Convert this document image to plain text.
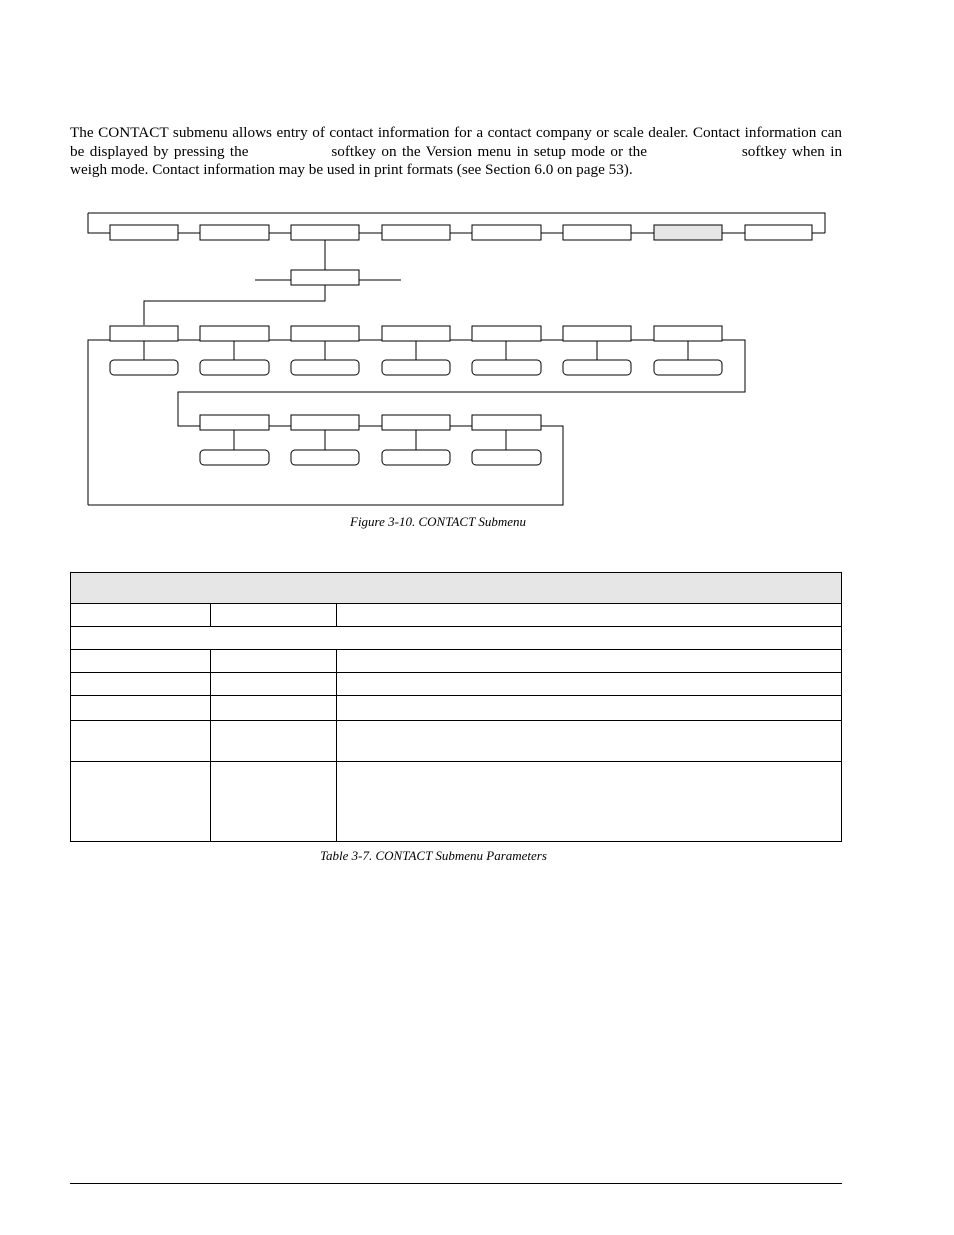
The CONTACT submenu allows entry of contact information for a contact company or scale dealer. Contact information can be displayed by pressing the	softkey on the Version menu in setup mode or the	softkey when in weigh mode. Contact information may be used in print formats (see Section 6.0 on page 53).

Figure 3-10. CONTACT Submenu

Table 3-7. CONTACT Submenu Parameters
